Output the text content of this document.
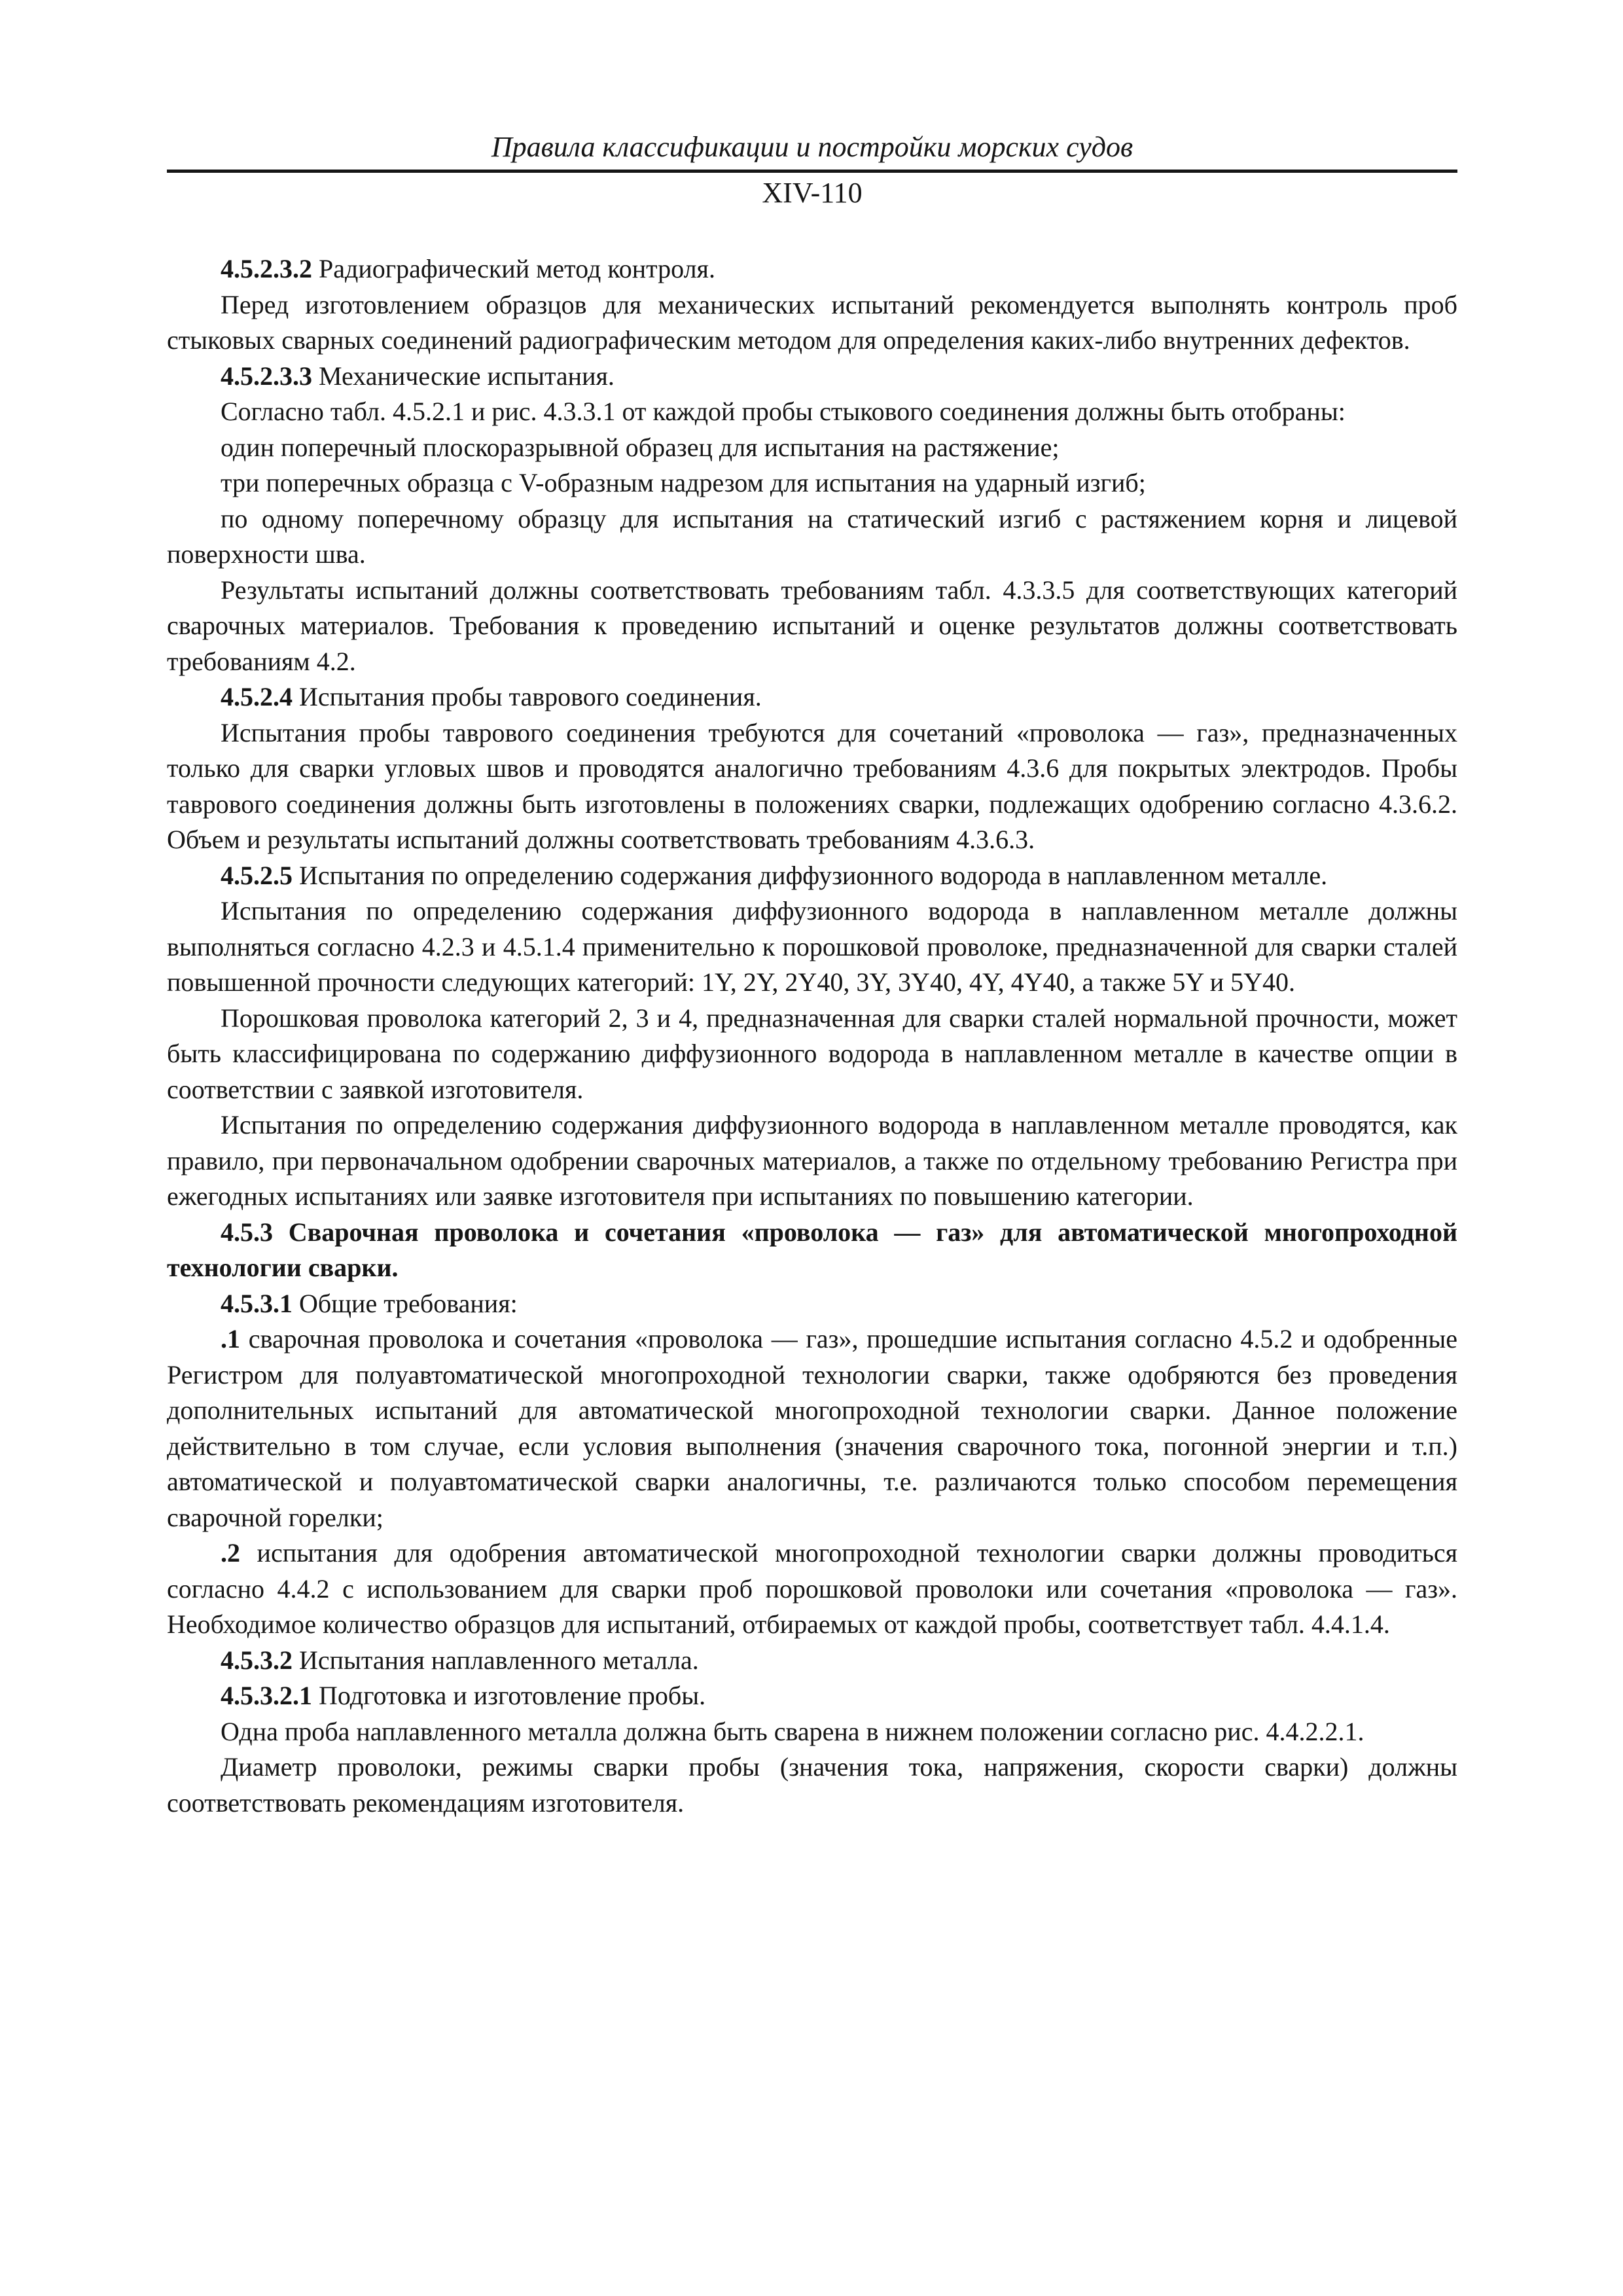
Правила классификации и постройки морских судов
XIV-110

4.5.2.3.2 Радиографический метод контроля.

Перед изготовлением образцов для механических испытаний рекомендуется выполнять контроль проб стыковых сварных соединений радиографическим методом для определения каких-либо внутренних дефектов.

4.5.2.3.3 Механические испытания.

Согласно табл. 4.5.2.1 и рис. 4.3.3.1 от каждой пробы стыкового соединения должны быть отобраны:

один поперечный плоскоразрывной образец для испытания на растяжение;

три поперечных образца с V-образным надрезом для испытания на ударный изгиб;

по одному поперечному образцу для испытания на статический изгиб с растяжением корня и лицевой поверхности шва.

Результаты испытаний должны соответствовать требованиям табл. 4.3.3.5 для соответствующих категорий сварочных материалов. Требования к проведению испытаний и оценке результатов должны соответствовать требованиям 4.2.

4.5.2.4 Испытания пробы таврового соединения.

Испытания пробы таврового соединения требуются для сочетаний «проволока — газ», предназначенных только для сварки угловых швов и проводятся аналогично требованиям 4.3.6 для покрытых электродов. Пробы таврового соединения должны быть изготовлены в положениях сварки, подлежащих одобрению согласно 4.3.6.2. Объем и результаты испытаний должны соответствовать требованиям 4.3.6.3.

4.5.2.5 Испытания по определению содержания диффузионного водорода в наплавленном металле.

Испытания по определению содержания диффузионного водорода в наплавленном металле должны выполняться согласно 4.2.3 и 4.5.1.4 применительно к порошковой проволоке, предназначенной для сварки сталей повышенной прочности следующих категорий: 1Y, 2Y, 2Y40, 3Y, 3Y40, 4Y, 4Y40, а также 5Y и 5Y40.

Порошковая проволока категорий 2, 3 и 4, предназначенная для сварки сталей нормальной прочности, может быть классифицирована по содержанию диффузионного водорода в наплавленном металле в качестве опции в соответствии с заявкой изготовителя.

Испытания по определению содержания диффузионного водорода в наплавленном металле проводятся, как правило, при первоначальном одобрении сварочных материалов, а также по отдельному требованию Регистра при ежегодных испытаниях или заявке изготовителя при испытаниях по повышению категории.

4.5.3 Сварочная проволока и сочетания «проволока — газ» для автоматической многопроходной технологии сварки.

4.5.3.1 Общие требования:

.1 сварочная проволока и сочетания «проволока — газ», прошедшие испытания согласно 4.5.2 и одобренные Регистром для полуавтоматической многопроходной технологии сварки, также одобряются без проведения дополнительных испытаний для автоматической многопроходной технологии сварки. Данное положение действительно в том случае, если условия выполнения (значения сварочного тока, погонной энергии и т.п.) автоматической и полуавтоматической сварки аналогичны, т.е. различаются только способом перемещения сварочной горелки;

.2 испытания для одобрения автоматической многопроходной технологии сварки должны проводиться согласно 4.4.2 с использованием для сварки проб порошковой проволоки или сочетания «проволока — газ». Необходимое количество образцов для испытаний, отбираемых от каждой пробы, соответствует табл. 4.4.1.4.

4.5.3.2 Испытания наплавленного металла.

4.5.3.2.1 Подготовка и изготовление пробы.

Одна проба наплавленного металла должна быть сварена в нижнем положении согласно рис. 4.4.2.2.1.

Диаметр проволоки, режимы сварки пробы (значения тока, напряжения, скорости сварки) должны соответствовать рекомендациям изготовителя.
